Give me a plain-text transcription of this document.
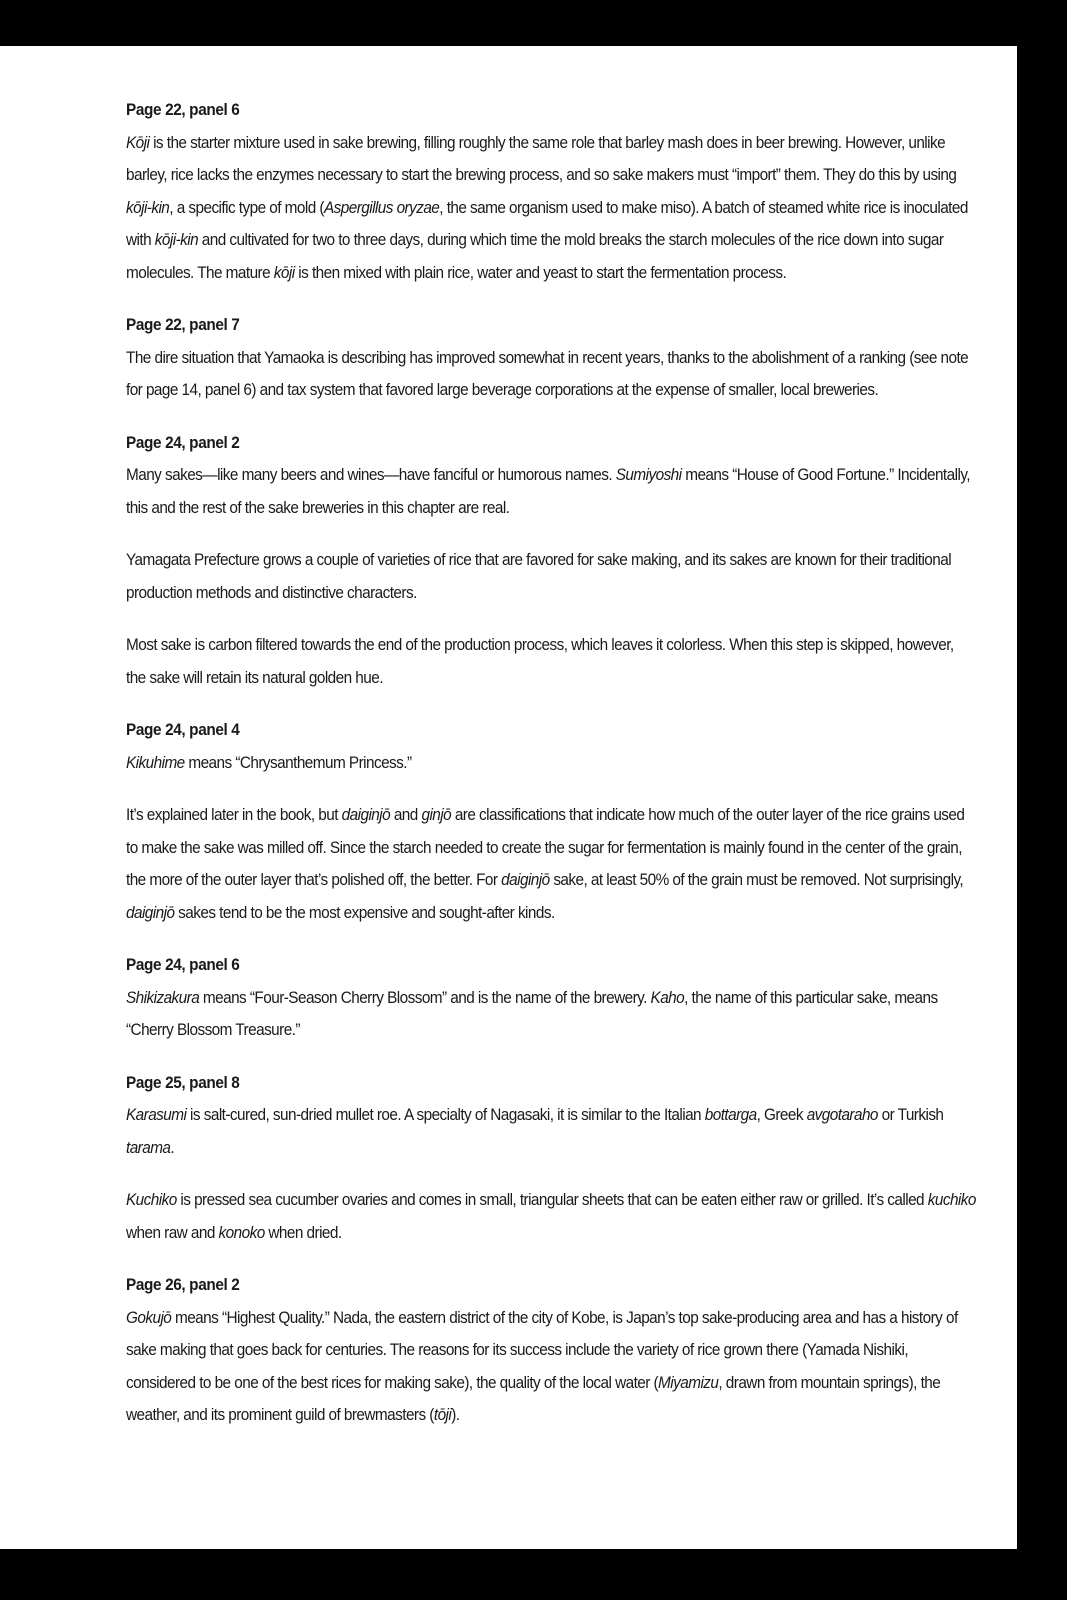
Page 22, panel 6

Kōji is the starter mixture used in sake brewing, filling roughly the same role that barley mash does in beer brewing. However, unlike barley, rice lacks the enzymes necessary to start the brewing process, and so sake makers must “import” them. They do this by using kōji-kin, a specific type of mold (Aspergillus oryzae, the same organism used to make miso). A batch of steamed white rice is inoculated with kōji-kin and cultivated for two to three days, during which time the mold breaks the starch molecules of the rice down into sugar molecules. The mature kōji is then mixed with plain rice, water and yeast to start the fermentation process.

Page 22, panel 7

The dire situation that Yamaoka is describing has improved somewhat in recent years, thanks to the abolishment of a ranking (see note for page 14, panel 6) and tax system that favored large beverage corporations at the expense of smaller, local breweries.

Page 24, panel 2

Many sakes—like many beers and wines—have fanciful or humorous names. Sumiyoshi means “House of Good Fortune.” Incidentally, this and the rest of the sake breweries in this chapter are real.

Yamagata Prefecture grows a couple of varieties of rice that are favored for sake making, and its sakes are known for their traditional production methods and distinctive characters.

Most sake is carbon filtered towards the end of the production process, which leaves it colorless. When this step is skipped, however, the sake will retain its natural golden hue.

Page 24, panel 4

Kikuhime means “Chrysanthemum Princess.”

It’s explained later in the book, but daiginjō and ginjō are classifications that indicate how much of the outer layer of the rice grains used to make the sake was milled off. Since the starch needed to create the sugar for fermentation is mainly found in the center of the grain, the more of the outer layer that’s polished off, the better. For daiginjō sake, at least 50% of the grain must be removed. Not surprisingly, daiginjō sakes tend to be the most expensive and sought-after kinds.

Page 24, panel 6

Shikizakura means “Four-Season Cherry Blossom” and is the name of the brewery. Kaho, the name of this particular sake, means “Cherry Blossom Treasure.”

Page 25, panel 8

Karasumi is salt-cured, sun-dried mullet roe. A specialty of Nagasaki, it is similar to the Italian bottarga, Greek avgotaraho or Turkish tarama.

Kuchiko is pressed sea cucumber ovaries and comes in small, triangular sheets that can be eaten either raw or grilled. It’s called kuchiko when raw and konoko when dried.

Page 26, panel 2

Gokujō means “Highest Quality.” Nada, the eastern district of the city of Kobe, is Japan’s top sake-producing area and has a history of sake making that goes back for centuries. The reasons for its success include the variety of rice grown there (Yamada Nishiki, considered to be one of the best rices for making sake), the quality of the local water (Miyamizu, drawn from mountain springs), the weather, and its prominent guild of brewmasters (tōji).
